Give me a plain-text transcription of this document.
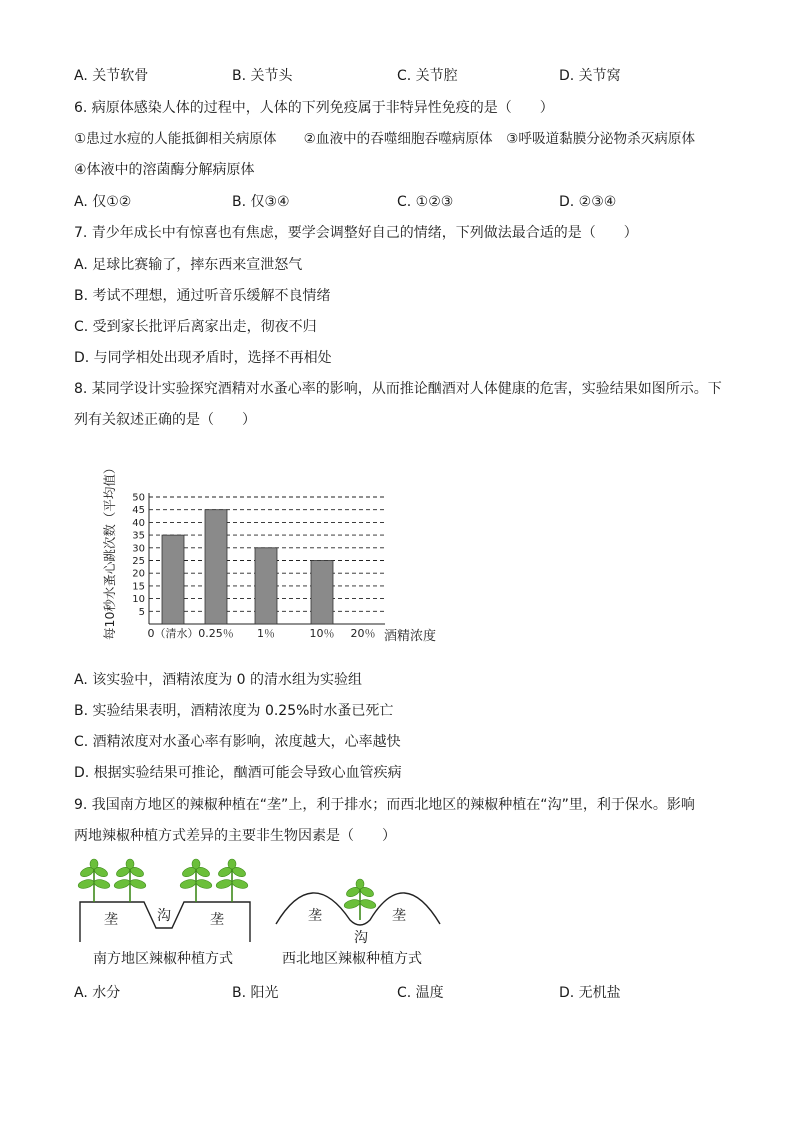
A. 关节软骨	B. 关节头	C. 关节腔	D. 关节窝
6. 病原体感染人体的过程中，人体的下列免疫属于非特异性免疫的是（　　）
①患过水痘的人能抵御相关病原体　　②血液中的吞噬细胞吞噬病原体　③呼吸道黏膜分泌物杀灭病原体
④体液中的溶菌酶分解病原体
A. 仅①②	B. 仅③④	C. ①②③	D. ②③④
7. 青少年成长中有惊喜也有焦虑，要学会调整好自己的情绪，下列做法最合适的是（　　）
A. 足球比赛输了，摔东西来宣泄怒气
B. 考试不理想，通过听音乐缓解不良情绪
C. 受到家长批评后离家出走，彻夜不归
D. 与同学相处出现矛盾时，选择不再相处
8. 某同学设计实验探究酒精对水蚤心率的影响，从而推论酗酒对人体健康的危害，实验结果如图所示。下
列有关叙述正确的是（　　）
每10秒水蚤心跳次数（平均值） 5
10
15
20
25
30
35
40
45
50
0（清水） 0.25％ 1％	10％ 20％ 酒精浓度
A. 该实验中，酒精浓度为 0 的清水组为实验组
B. 实验结果表明，酒精浓度为 0.25%时水蚤已死亡
C. 酒精浓度对水蚤心率有影响，浓度越大，心率越快
D. 根据实验结果可推论，酗酒可能会导致心血管疾病
9. 我国南方地区的辣椒种植在“垄”上，利于排水；而西北地区的辣椒种植在“沟”里，利于保水。影响
两地辣椒种植方式差异的主要非生物因素是（　　）
垄	沟	垄
南方地区辣椒种植方式
垄	垄
沟
西北地区辣椒种植方式
A. 水分	B. 阳光	C. 温度	D. 无机盐
